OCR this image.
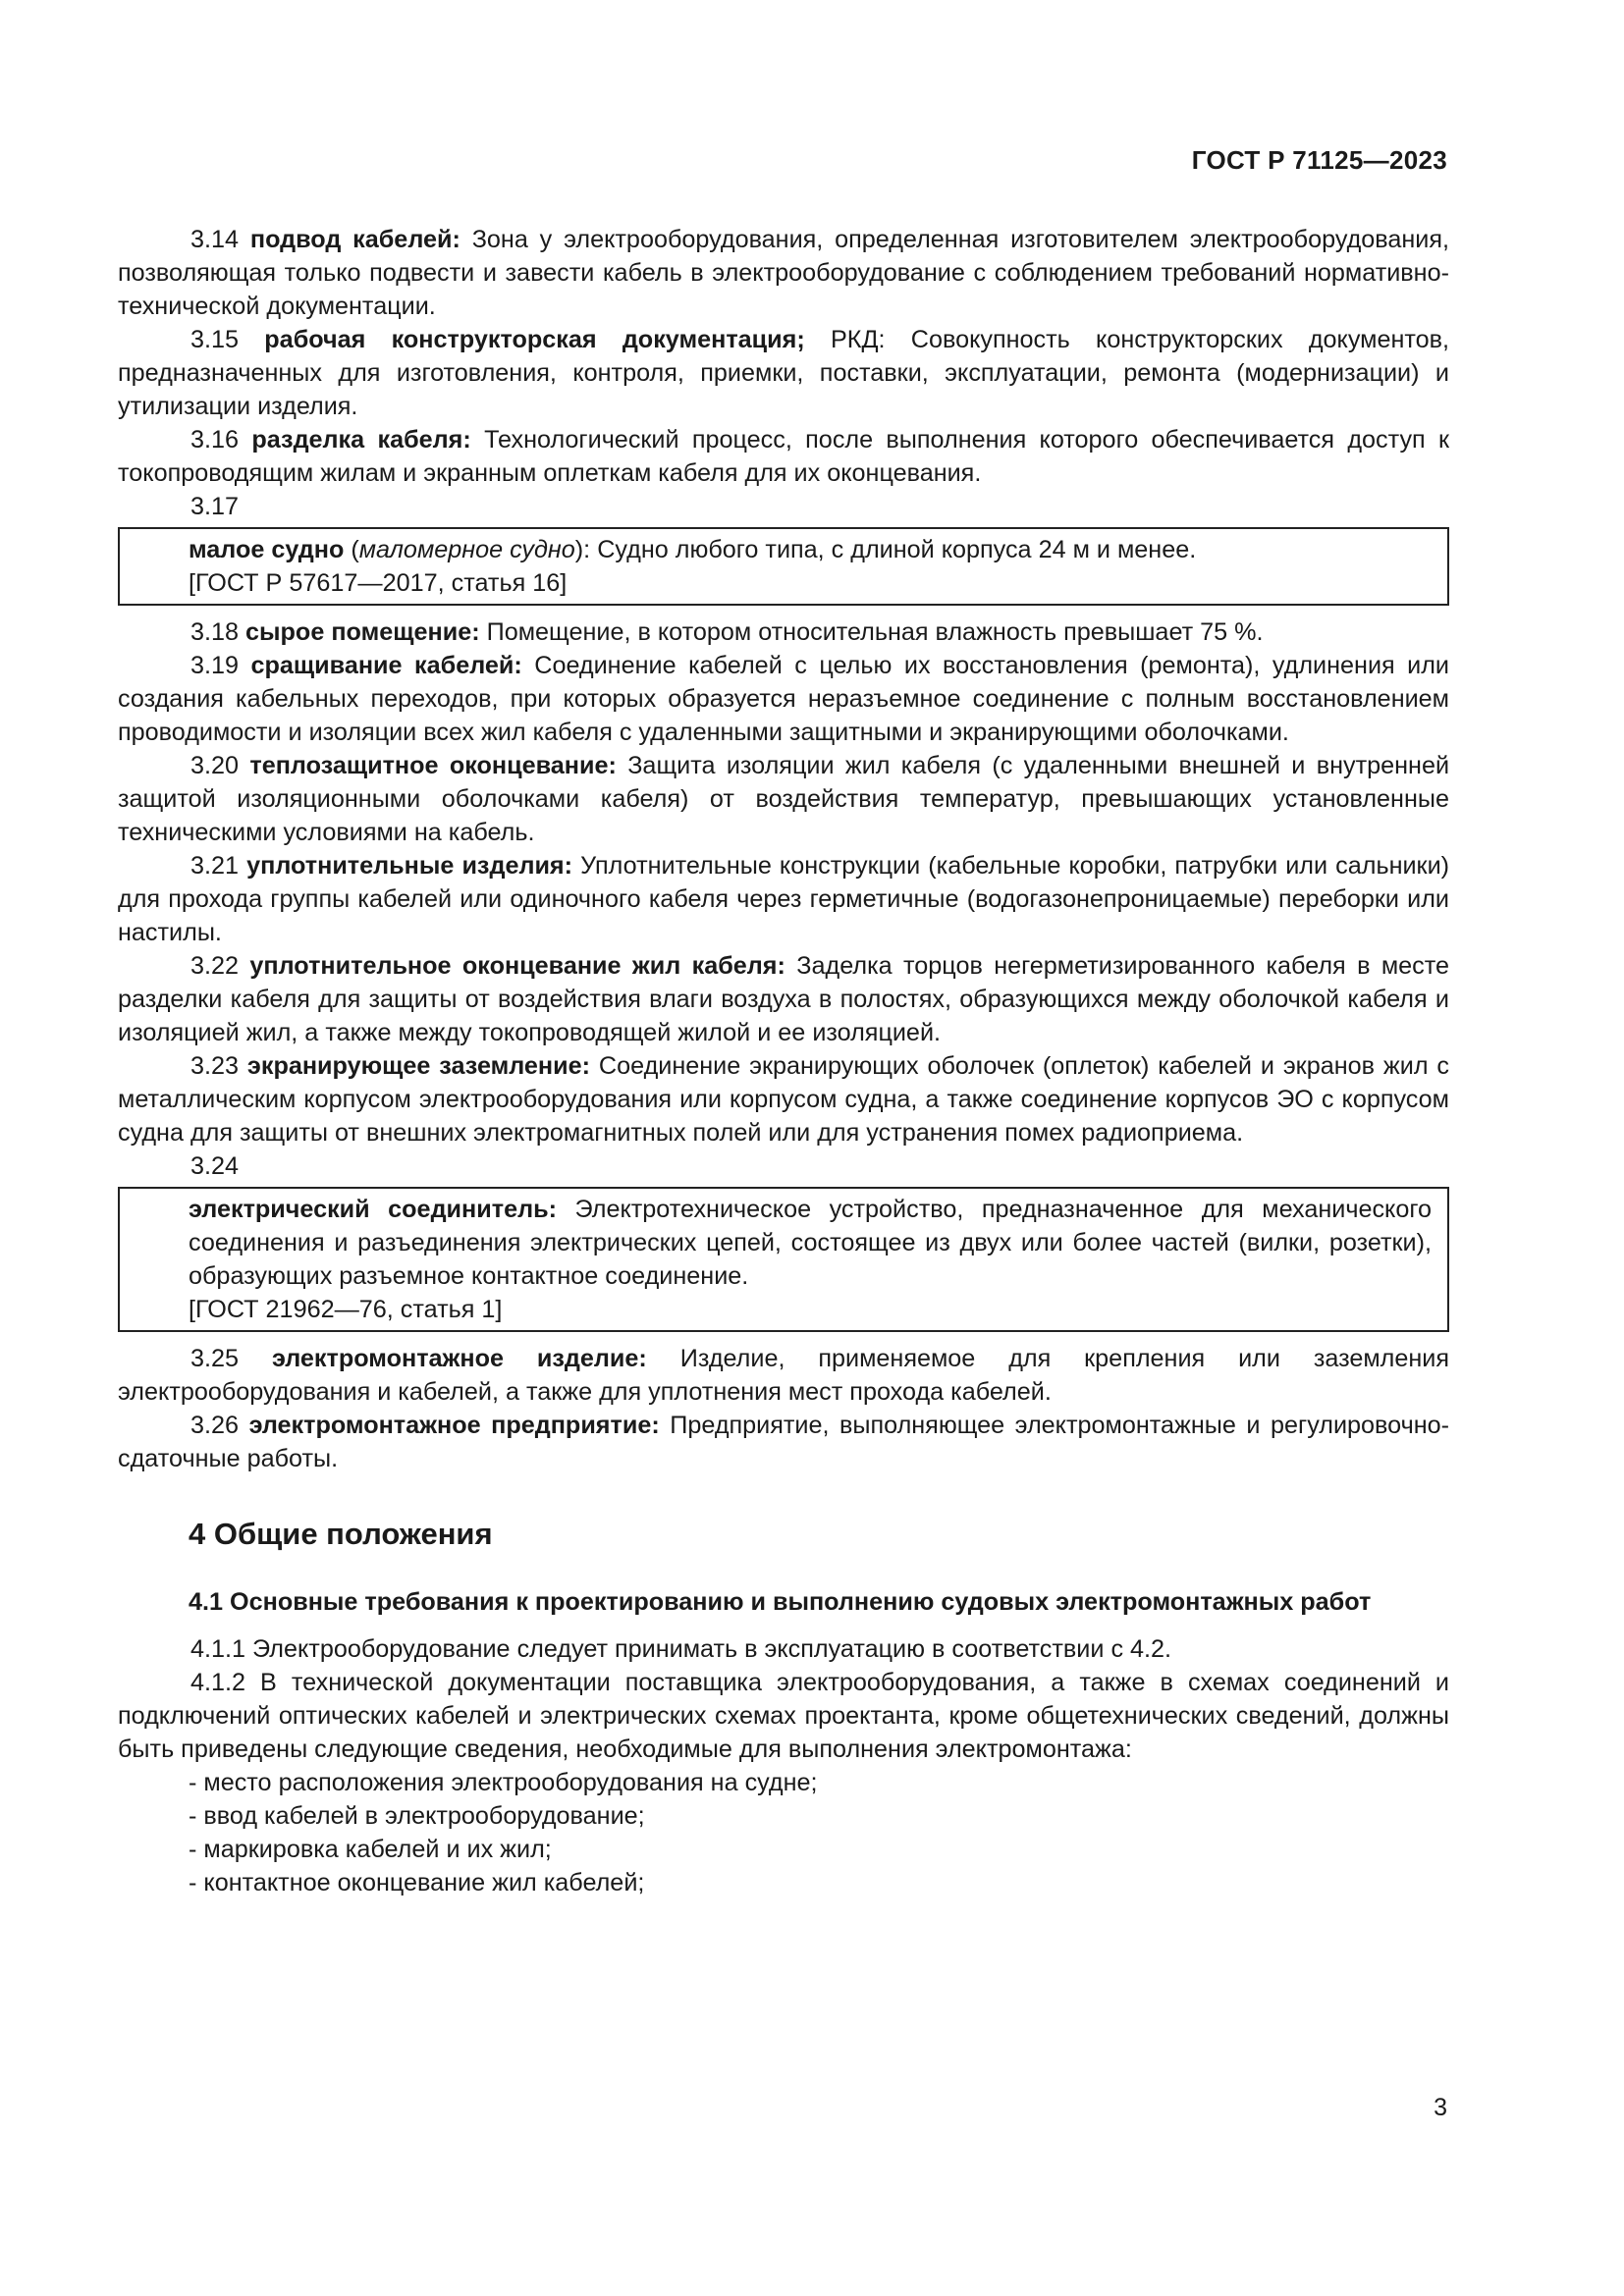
ГОСТ Р 71125—2023

3.14 подвод кабелей: Зона у электрооборудования, определенная изготовителем электрооборудования, позволяющая только подвести и завести кабель в электрооборудование с соблюдением требований нормативно-технической документации.

3.15 рабочая конструкторская документация; РКД: Совокупность конструкторских документов, предназначенных для изготовления, контроля, приемки, поставки, эксплуатации, ремонта (модернизации) и утилизации изделия.

3.16 разделка кабеля: Технологический процесс, после выполнения которого обеспечивается доступ к токопроводящим жилам и экранным оплеткам кабеля для их оконцевания.

3.17

малое судно (маломерное судно): Судно любого типа, с длиной корпуса 24 м и менее.

[ГОСТ Р 57617—2017, статья 16]

3.18 сырое помещение: Помещение, в котором относительная влажность превышает 75 %.

3.19 сращивание кабелей: Соединение кабелей с целью их восстановления (ремонта), удлинения или создания кабельных переходов, при которых образуется неразъемное соединение с полным восстановлением проводимости и изоляции всех жил кабеля с удаленными защитными и экранирующими оболочками.

3.20 теплозащитное оконцевание: Защита изоляции жил кабеля (с удаленными внешней и внутренней защитой изоляционными оболочками кабеля) от воздействия температур, превышающих установленные техническими условиями на кабель.

3.21 уплотнительные изделия: Уплотнительные конструкции (кабельные коробки, патрубки или сальники) для прохода группы кабелей или одиночного кабеля через герметичные (водогазонепроницаемые) переборки или настилы.

3.22 уплотнительное оконцевание жил кабеля: Заделка торцов негерметизированного кабеля в месте разделки кабеля для защиты от воздействия влаги воздуха в полостях, образующихся между оболочкой кабеля и изоляцией жил, а также между токопроводящей жилой и ее изоляцией.

3.23 экранирующее заземление: Соединение экранирующих оболочек (оплеток) кабелей и экранов жил с металлическим корпусом электрооборудования или корпусом судна, а также соединение корпусов ЭО с корпусом судна для защиты от внешних электромагнитных полей или для устранения помех радиоприема.

3.24

электрический соединитель: Электротехническое устройство, предназначенное для механического соединения и разъединения электрических цепей, состоящее из двух или более частей (вилки, розетки), образующих разъемное контактное соединение.

[ГОСТ 21962—76, статья 1]

3.25 электромонтажное изделие: Изделие, применяемое для крепления или заземления электрооборудования и кабелей, а также для уплотнения мест прохода кабелей.

3.26 электромонтажное предприятие: Предприятие, выполняющее электромонтажные и регулировочно-сдаточные работы.

4 Общие положения
4.1 Основные требования к проектированию и выполнению судовых электромонтажных работ

4.1.1 Электрооборудование следует принимать в эксплуатацию в соответствии с 4.2.

4.1.2 В технической документации поставщика электрооборудования, а также в схемах соединений и подключений оптических кабелей и электрических схемах проектанта, кроме общетехнических сведений, должны быть приведены следующие сведения, необходимые для выполнения электромонтажа:

- место расположения электрооборудования на судне;

- ввод кабелей в электрооборудование;

- маркировка кабелей и их жил;

- контактное оконцевание жил кабелей;

3
